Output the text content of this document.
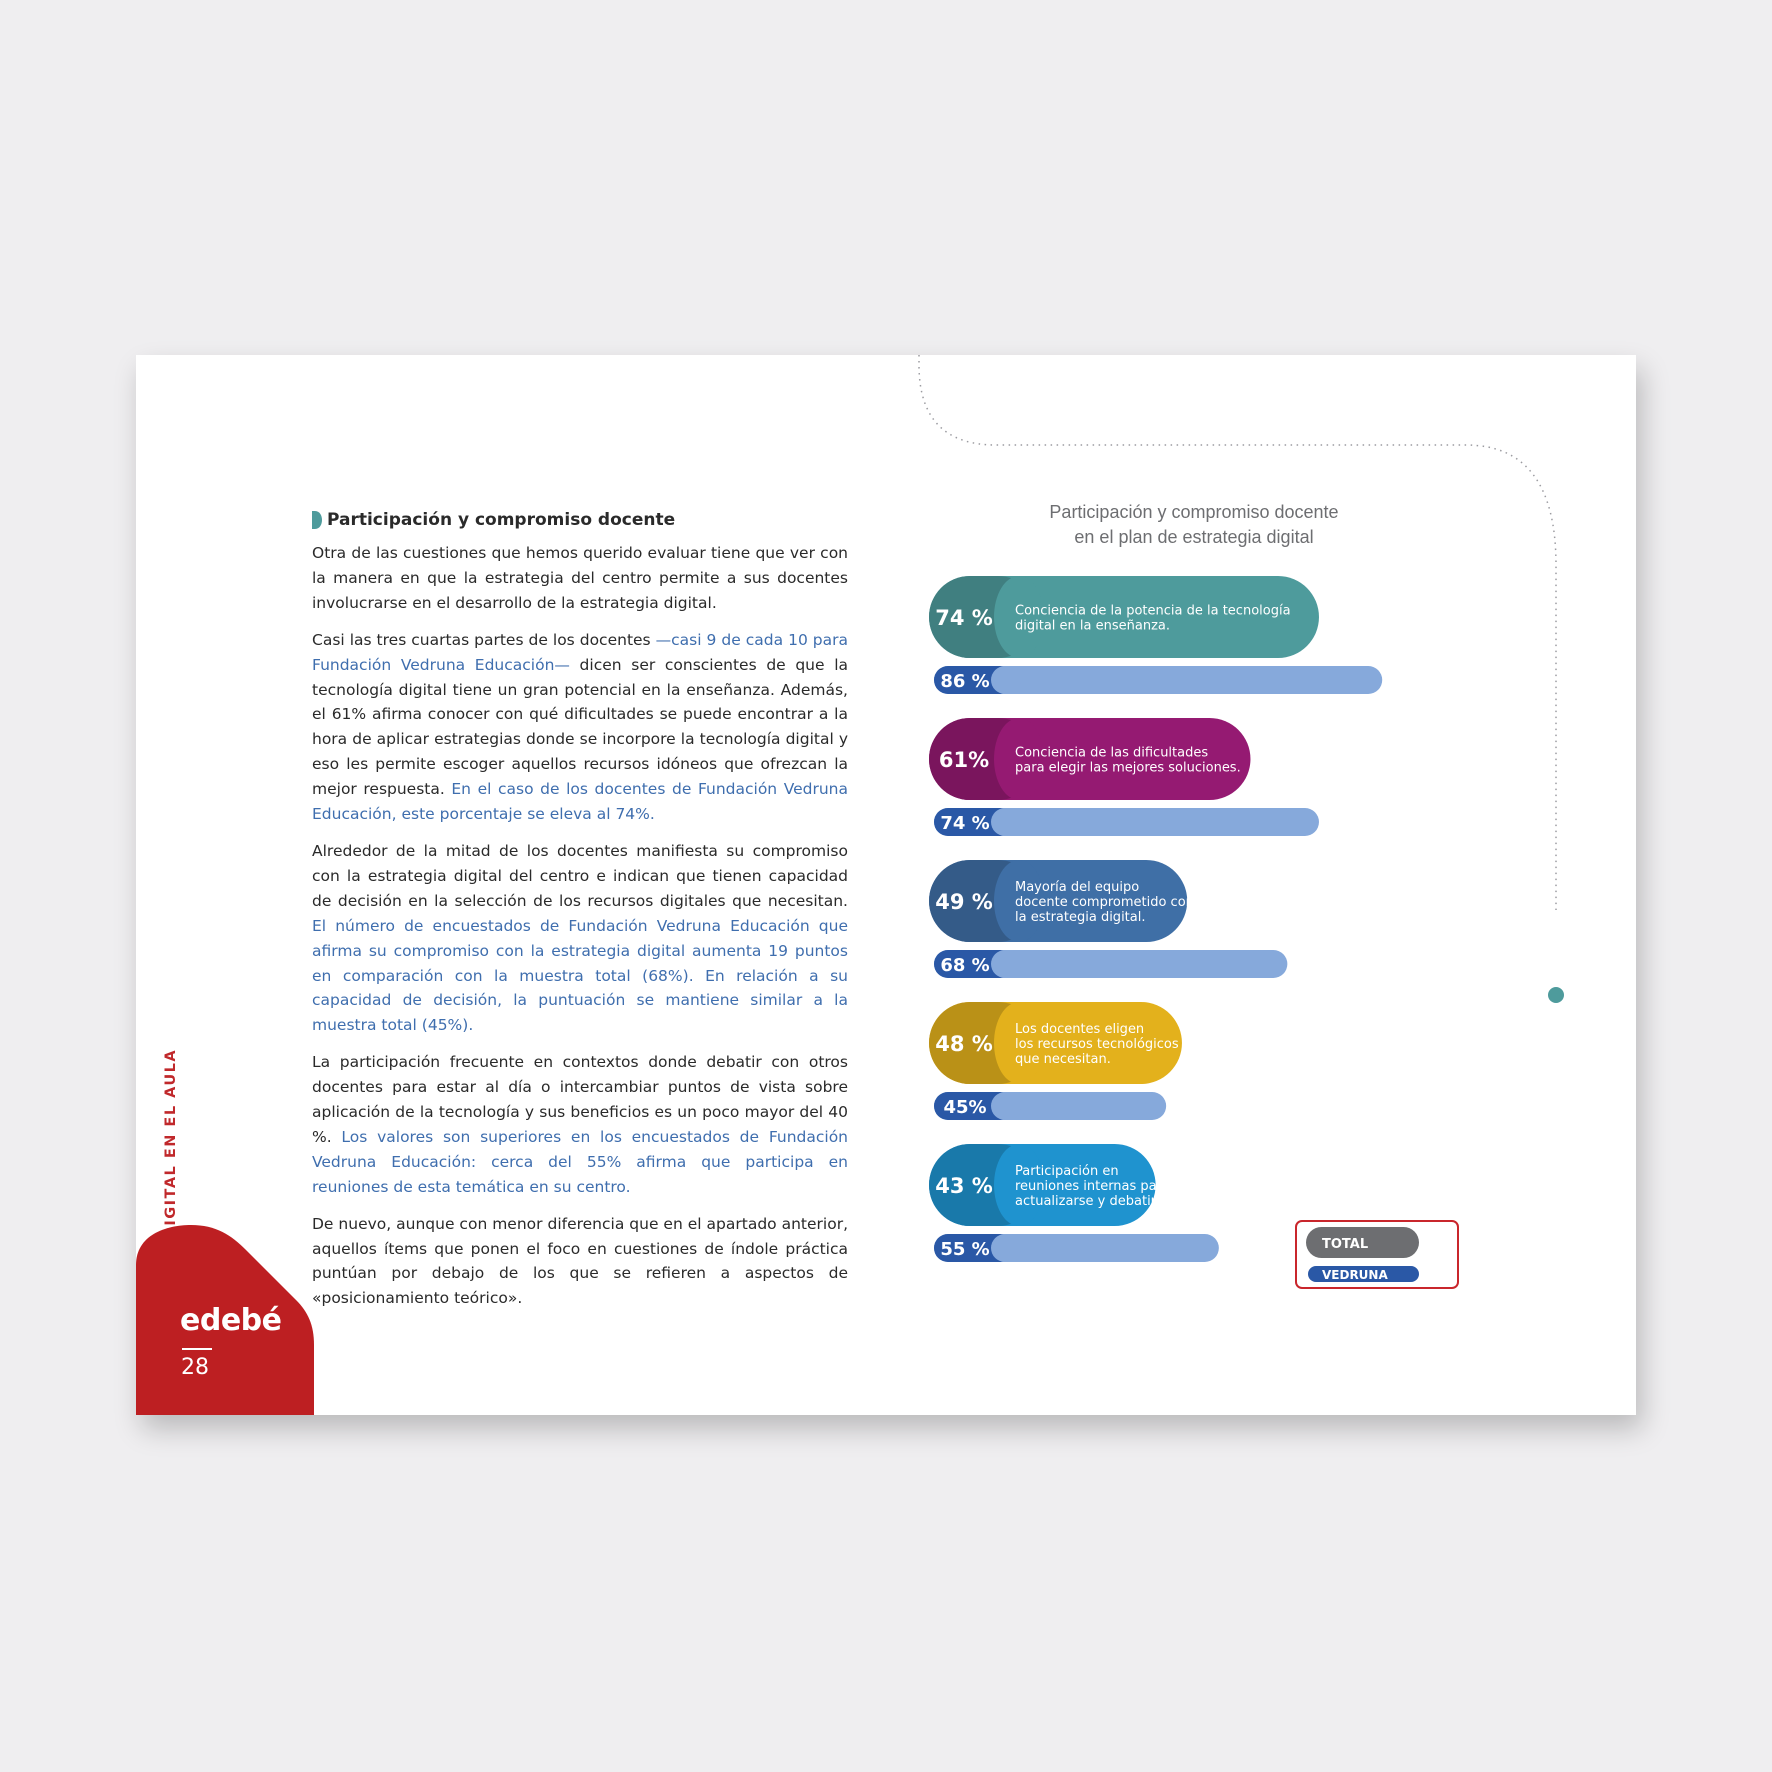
edebé
28
Participación y compromiso docente

Otra de las cuestiones que hemos querido evaluar tiene que ver con la manera en que la estrategia del centro permite a sus docentes involucrarse en el desarrollo de la estrategia digital.

Casi las tres cuartas partes de los docentes —casi 9 de cada 10 para Fundación Vedruna Educación— dicen ser conscientes de que la tecnología digital tiene un gran potencial en la enseñanza. Además, el 61% afirma conocer con qué dificultades se puede encontrar a la hora de aplicar estrategias donde se incorpore la tecnología digital y eso les permite escoger aquellos recursos idóneos que ofrezcan la mejor respuesta. En el caso de los docentes de Fundación Vedruna Educación, este porcentaje se eleva al 74%.

Alrededor de la mitad de los docentes manifiesta su compromiso con la estrategia digital del centro e indican que tienen capacidad de decisión en la selección de los recursos digitales que necesitan. El número de encuestados de Fundación Vedruna Educación que afirma su compromiso con la estrategia digital aumenta 19 puntos en comparación con la muestra total (68%). En relación a su capacidad de decisión, la puntuación se mantiene similar a la muestra total (45%).

La participación frecuente en contextos donde debatir con otros docentes para estar al día o intercambiar puntos de vista sobre aplicación de la tecnología y sus beneficios es un poco mayor del 40 %. Los valores son superiores en los encuestados de Fundación Vedruna Educación: cerca del 55% afirma que participa en reuniones de esta temática en su centro.

De nuevo, aunque con menor diferencia que en el apartado anterior, aquellos ítems que ponen el foco en cuestiones de índole práctica puntúan por debajo de los que se refieren a aspectos de «posicionamiento teórico».

Participación y compromiso docente en el plan de estrategia digital
74 % Conciencia de la potencia de la tecnología digital en la enseñanza.
86 %
61% Conciencia de las dificultades para elegir las mejores soluciones.
74 %
49 %
Mayoría del equipo docente comprometido con la estrategia digital.
68 %
48 %
Los docentes eligen los recursos tecnológicos que necesitan.
45%
43 %
Participación en reuniones internas para actualizarse y debatir.
55 %	TOTAL
VEDRUNA
